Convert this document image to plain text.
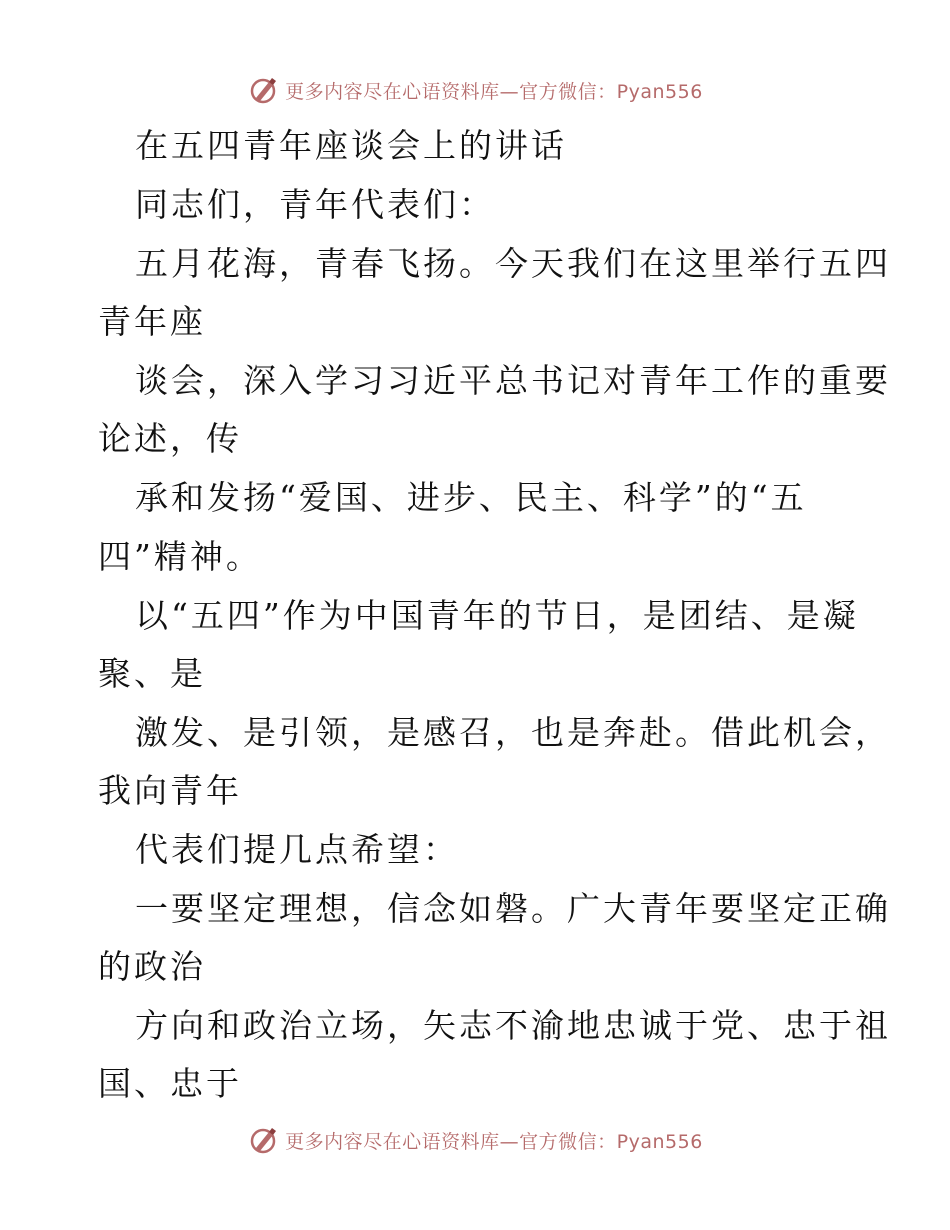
更多内容尽在心语资料库—官方微信：Pyan556
在五四青年座谈会上的讲话
同志们，青年代表们：
五月花海，青春飞扬。今天我们在这里举行五四
青年座
谈会，深入学习习近平总书记对青年工作的重要
论述，传
承和发扬“爱国、进步、民主、科学”的“五
四”精神。
以“五四”作为中国青年的节日，是团结、是凝
聚、是
激发、是引领，是感召，也是奔赴。借此机会，
我向青年
代表们提几点希望：
一要坚定理想，信念如磐。广大青年要坚定正确
的政治
方向和政治立场，矢志不渝地忠诚于党、忠于祖
国、忠于
更多内容尽在心语资料库—官方微信：Pyan556
